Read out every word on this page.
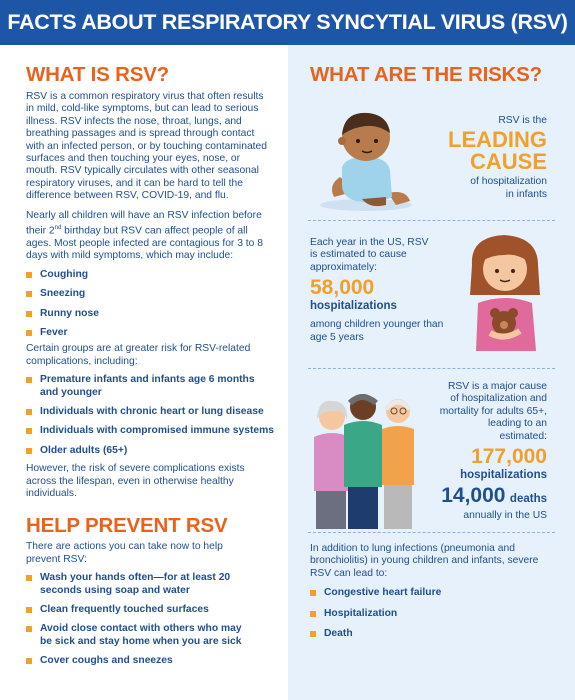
FACTS ABOUT RESPIRATORY SYNCYTIAL VIRUS (RSV)
WHAT IS RSV?

RSV is a common respiratory virus that often results in mild, cold-like symptoms, but can lead to serious illness. RSV infects the nose, throat, lungs, and breathing passages and is spread through contact with an infected person, or by touching contaminated surfaces and then touching your eyes, nose, or mouth. RSV typically circulates with other seasonal respiratory viruses, and it can be hard to tell the difference between RSV, COVID-19, and flu.

Nearly all children will have an RSV infection before their 2nd birthday but RSV can affect people of all ages. Most people infected are contagious for 3 to 8 days with mild symptoms, which may include:

Coughing
Sneezing
Runny nose
Fever

Certain groups are at greater risk for RSV-related complications, including:

Premature infants and infants age 6 months and younger
Individuals with chronic heart or lung disease
Individuals with compromised immune systems
Older adults (65+)

However, the risk of severe complications exists across the lifespan, even in otherwise healthy individuals.

HELP PREVENT RSV

There are actions you can take now to help prevent RSV:

Wash your hands often—for at least 20 seconds using soap and water
Clean frequently touched surfaces
Avoid close contact with others who may be sick and stay home when you are sick
Cover coughs and sneezes
WHAT ARE THE RISKS?

RSV is the

LEADING
CAUSE

of hospitalization

in infants

Each year in the US, RSV is estimated to cause approximately:

58,000

hospitalizations

among children younger than age 5 years

RSV is a major cause of hospitalization and mortality for adults 65+, leading to an estimated:

177,000

hospitalizations

14,000 deaths

annually in the US

In addition to lung infections (pneumonia and bronchiolitis) in young children and infants, severe RSV can lead to:

Congestive heart failure
Hospitalization
Death
